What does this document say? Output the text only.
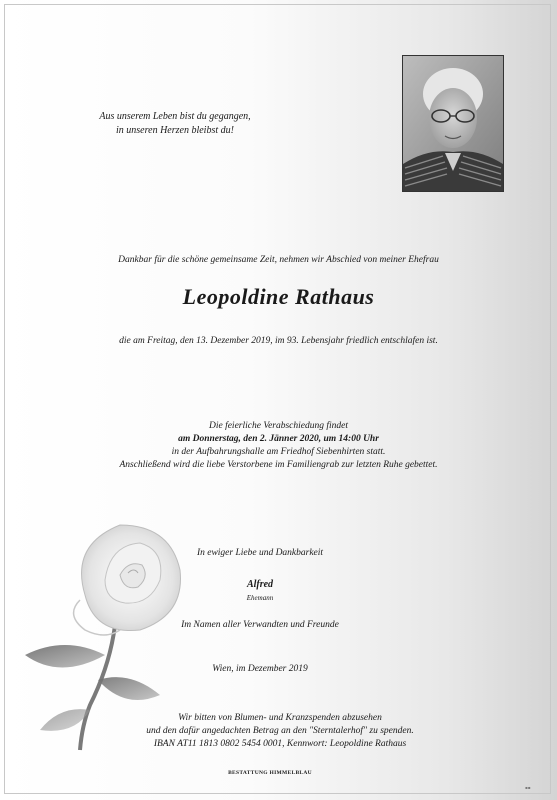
Aus unserem Leben bist du gegangen,
in unseren Herzen bleibst du!
Dankbar für die schöne gemeinsame Zeit, nehmen wir Abschied von meiner Ehefrau
Leopoldine Rathaus
die am Freitag, den 13. Dezember 2019, im 93. Lebensjahr friedlich entschlafen ist.
Die feierliche Verabschiedung findet
am Donnerstag, den 2. Jänner 2020, um 14:00 Uhr
in der Aufbahrungshalle am Friedhof Siebenhirten statt.
Anschließend wird die liebe Verstorbene im Familiengrab zur letzten Ruhe gebettet.
In ewiger Liebe und Dankbarkeit
Alfred
Ehemann
Im Namen aller Verwandten und Freunde
Wien, im Dezember 2019
Wir bitten von Blumen- und Kranzspenden abzusehen
und den dafür angedachten Betrag an den "Sterntalerhof" zu spenden.
IBAN AT11 1813 0802 5454 0001, Kennwort: Leopoldine Rathaus
BESTATTUNG HIMMELBLAU
▪▪
